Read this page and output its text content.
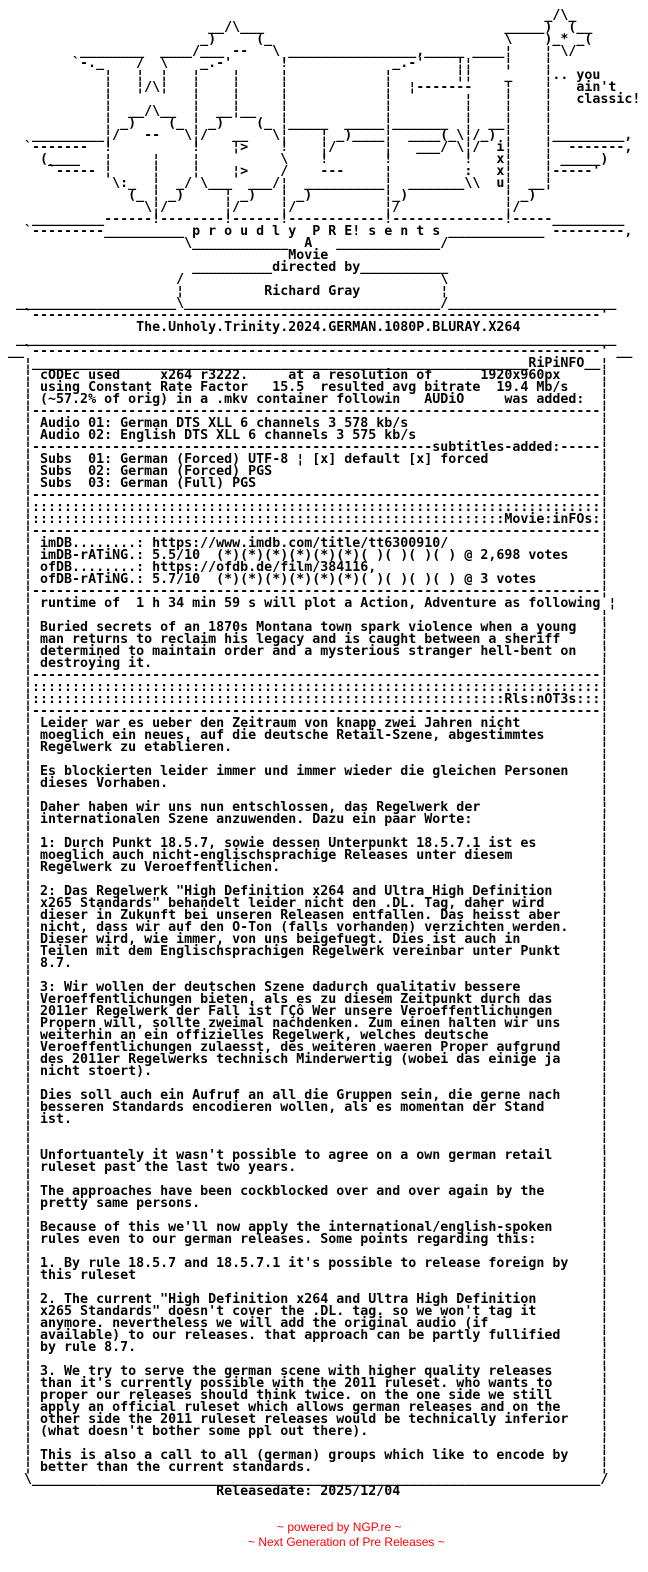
_/\_
__/\___                              _____)  (__
_)     (_                             \    )_* _(
________  ____/___ --   \ ________________,_____ ____¦    ¦ \/
`-._    /  \    _.-'      !             _.-'    ¦¦    ¦    ¦
¦   ¦  ¦   ¦    ¦     ¦            ¦        ¦¦    _    ¦.. you
¦   ¦/\¦   ¦    ¦     ¦            ¦  ¦-------    ¦    ¦   ain't
¦          ¦    ¦     ¦            ¦         ¦    ¦    ¦   classic!
¦  __/\__  ¦  __¦__   ¦            ¦         ¦    ¦    ¦
¦ _)    (_ ¦ _)    (_ ¦_____  _____¦_______  ¦  __¦    ¦
_________¦/   --   \¦/   __   \¦    ¦ _)____¦  ____(_\¦/_) ¦    ¦_________,
`-------  !          !    ¦>    !    ¦/      ¦   ___/ \¦/  i¦    ¦  -------,
(____   ¦     ¦    ¦          \    !       !         !   x¦    ¦ _____)
`----- ¦     ¦    ¦    ¦>    /    ---     ¦         :   x¦    ¦-----'
\:_  ¦  _/ \___  ___/¦  __________¦  _______\\  u¦  __¦
(_ ¦ _)     ¦ _)   ¦ _)         ¦_)            ¦ _)
\¦/       ¦/     ¦/           ¦/             ¦/
_________------!--------!------!------------!--------------!-----_________
`---------__________ p r o u d l y  P R E! s e n t s ____________ ---------,
\____________  A   _____________/
Movie
__________directed by___________
/                                \
¦          Richard Gray          ¦
____________________\________________________________/_____________________
`-----------------------------------------------------------------------'
The.Unholy.Trinity.2024.GERMAN.1080P.BLURAY.X264
___________________________________________________________________________
__`-----------------------------------------------------------------------' __
¦______________________________________________________________RiPiNFO__¦
¦ cODEc used     x264 r3222.     at a resolution of      1920x960px	¦
¦ using Constant Rate Factor   15.5  resulted avg bitrate  19.4 Mb/s ¦
¦ (~57.2% of orig) in a .mkv container followin   AUDiO     was added: ¦
¦-----------------------------------------------------------------------¦
¦ Audio 01: German DTS XLL 6 channels 3 578 kb/s	¦
¦ Audio 02: English DTS XLL 6 channels 3 575 kb/s	¦
¦--------------------------------------------------subtitles-added:-----¦
¦ Subs  01: German (Forced) UTF-8 ¦ [x] default [x] forced	¦
¦ Subs  02: German (Forced) PGS	¦
¦ Subs  03: German (Full) PGS	¦
¦-----------------------------------------------------------------------¦
¦:::::::::::::::::::::::::::::::::::::::::::::::::::::::::::::::::::::::¦
¦:::::::::::::::::::::::::::::::::::::::::::::::::::::::::::Movie:inFOs:¦
¦-----------------------------------------------------------------------¦
¦ imDB........: https://www.imdb.com/title/tt6300910/	¦
¦ imDB-rATiNG.: 5.5/10  (*)(*)(*)(*)(*)(*)( )( )( )( ) @ 2,698 votes ¦
¦ ofDB........: https://ofdb.de/film/384116,	¦
¦ ofDB-rATiNG.: 5.7/10  (*)(*)(*)(*)(*)(*)( )( )( )( ) @ 3 votes	¦
¦-----------------------------------------------------------------------¦
¦ runtime of  1 h 34 min 59 s will plot a Action, Adventure as following ¦
¦                                                                       ¦
¦ Buried secrets of an 1870s Montana town spark violence when a young ¦
¦ man returns to reclaim his legacy and is caught between a sheriff	¦
¦ determined to maintain order and a mysterious stranger hell-bent on ¦
¦ destroying it.	¦
¦-----------------------------------------------------------------------¦
¦:::::::::::::::::::::::::::::::::::::::::::::::::::::::::::::::::::::::¦
¦:::::::::::::::::::::::::::::::::::::::::::::::::::::::::::Rls:nOT3s:::¦
¦-----------------------------------------------------------------------¦
¦ Leider war es ueber den Zeitraum von knapp zwei Jahren nicht	¦
¦ moeglich ein neues, auf die deutsche Retail-Szene, abgestimmtes	¦
¦ Regelwerk zu etablieren.	¦
¦	¦
¦ Es blockierten leider immer und immer wieder die gleichen Personen ¦
¦ dieses Vorhaben.	¦
¦	¦
¦ Daher haben wir uns nun entschlossen, das Regelwerk der	¦
¦ internationalen Szene anzuwenden. Dazu ein paar Worte:	¦
¦	¦
¦ 1: Durch Punkt 18.5.7, sowie dessen Unterpunkt 18.5.7.1 ist es	¦
¦ moeglich auch nicht-englischsprachige Releases unter diesem	¦
¦ Regelwerk zu Veroeffentlichen.	¦
¦	¦
¦ 2: Das Regelwerk "High Definition x264 and Ultra High Definition	¦
¦ x265 Standards" behandelt leider nicht den .DL. Tag, daher wird	¦
¦ dieser in Zukunft bei unseren Releasen entfallen. Das heisst aber	¦
¦ nicht, dass wir auf den O-Ton (falls vorhanden) verzichten werden. ¦
¦ Dieser wird, wie immer, von uns beigefuegt. Dies ist auch in	¦
¦ Teilen mit dem Englischsprachigen Regelwerk vereinbar unter Punkt	¦
¦ 8.7.	¦
¦	¦
¦ 3: Wir wollen der deutschen Szene dadurch qualitativ bessere	¦
¦ Veroeffentlichungen bieten, als es zu diesem Zeitpunkt durch das	¦
¦ 2011er Regelwerk der Fall ist ΓÇô Wer unsere Veroeffentlichungen      ¦
¦ Propern will, sollte zweimal nachdenken. Zum einen halten wir uns	¦
¦ weiterhin an ein offizielles Regelwerk, welches deutsche	¦
¦ Veroeffentlichungen zulaesst, des weiteren waeren Proper aufgrund	¦
¦ des 2011er Regelwerks technisch Minderwertig (wobei das einige ja	¦
¦ nicht stoert).	¦
¦	¦
¦ Dies soll auch ein Aufruf an all die Gruppen sein, die gerne nach	¦
¦ besseren Standards encodieren wollen, als es momentan der Stand	¦
¦ ist.	¦
¦	¦
¦	¦
¦ Unfortuantely it wasn't possible to agree on a own german retail	¦
¦ ruleset past the last two years.	¦
¦	¦
¦ The approaches have been cockblocked over and over again by the	¦
¦ pretty same persons.	¦
¦	¦
¦ Because of this we'll now apply the international/english-spoken	¦
¦ rules even to our german releases. Some points regarding this:	¦
¦	¦
¦ 1. By rule 18.5.7 and 18.5.7.1 it's possible to release foreign by ¦
¦ this ruleset	¦
¦	¦
¦ 2. The current "High Definition x264 and Ultra High Definition	¦
¦ x265 Standards" doesn't cover the .DL. tag. so we won't tag it	¦
¦ anymore. nevertheless we will add the original audio (if	¦
¦ available) to our releases. that approach can be partly fullified	¦
¦ by rule 8.7.	¦
¦	¦
¦ 3. We try to serve the german scene with higher quality releases	¦
¦ than it's currently possible with the 2011 ruleset. who wants to	¦
¦ proper our releases should think twice. on the one side we still	¦
¦ apply an official ruleset which allows german releases and on the	¦
¦ other side the 2011 ruleset releases would be technically inferior ¦
¦ (what doesn't bother some ppl out there).	¦
¦	¦
¦ This is also a call to all (german) groups which like to encode by ¦
¦ better than the current standards.	¦
\_______________________________________________________________________/
Releasedate: 2025/12/04
~ powered by NGP.re ~
~ Next Generation of Pre Releases ~
